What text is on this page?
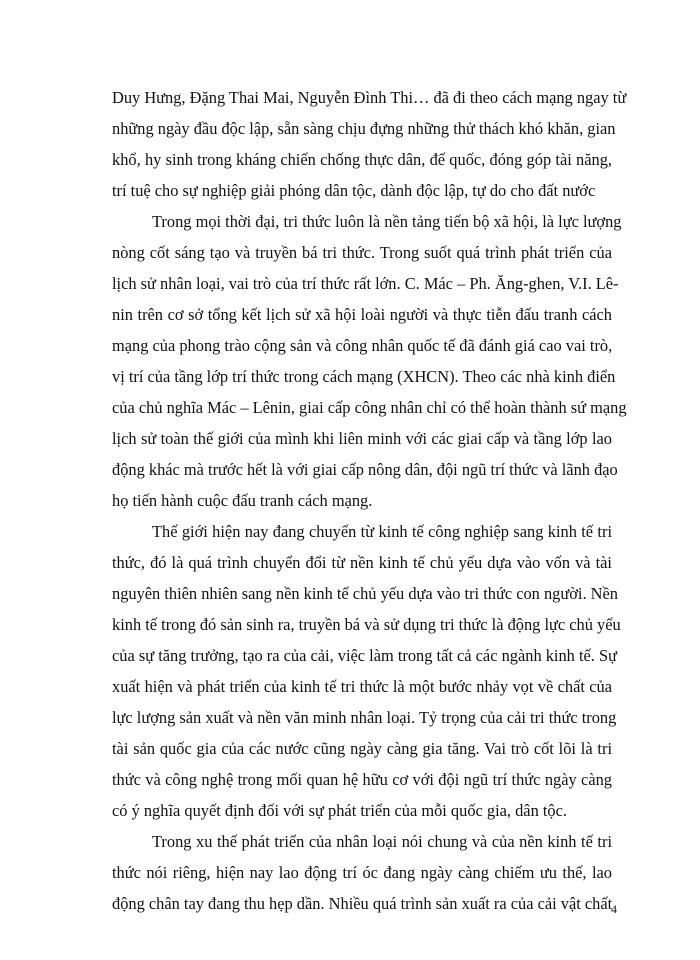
Duy Hưng, Đặng Thai Mai, Nguyễn Đình Thi… đã đi theo cách mạng ngay từ
những ngày đầu độc lập, sẵn sàng chịu đựng những thử thách khó khăn, gian
khổ, hy sinh trong kháng chiến chống thực dân, đế quốc, đóng góp tài năng,
trí tuệ cho sự nghiệp giải phóng dân tộc, dành độc lập, tự do cho đất nước
Trong mọi thời đại, tri thức luôn là nền tảng tiến bộ xã hội, là lực lượng
nòng cốt sáng tạo và truyền bá tri thức. Trong suốt quá trình phát triển của
lịch sử nhân loại, vai trò của trí thức rất lớn. C. Mác – Ph. Ăng-ghen, V.I. Lê-
nin trên cơ sở tổng kết lịch sử xã hội loài người và thực tiễn đấu tranh cách
mạng của phong trào cộng sản và công nhân quốc tế đã đánh giá cao vai trò,
vị trí của tầng lớp trí thức trong cách mạng (XHCN). Theo các nhà kinh điển
của chủ nghĩa Mác – Lênin, giai cấp công nhân chỉ có thể hoàn thành sứ mạng
lịch sử toàn thế giới của mình khi liên minh với các giai cấp và tầng lớp lao
động khác mà trước hết là với giai cấp nông dân, đội ngũ trí thức và lãnh đạo
họ tiến hành cuộc đấu tranh cách mạng.
Thế giới hiện nay đang chuyển từ kinh tế công nghiệp sang kinh tế tri
thức, đó là quá trình chuyển đổi từ nền kinh tế chủ yếu dựa vào vốn và tài
nguyên thiên nhiên sang nền kinh tế chủ yếu dựa vào tri thức con người. Nền
kinh tế trong đó sản sinh ra, truyền bá và sử dụng tri thức là động lực chủ yếu
của sự tăng trưởng, tạo ra của cải, việc làm trong tất cả các ngành kinh tế. Sự
xuất hiện và phát triển của kinh tế tri thức là một bước nhảy vọt về chất của
lực lượng sản xuất và nền văn minh nhân loại. Tỷ trọng của cải tri thức trong
tài sản quốc gia của các nước cũng ngày càng gia tăng. Vai trò cốt lõi là tri
thức và công nghệ trong mối quan hệ hữu cơ với đội ngũ trí thức ngày càng
có ý nghĩa quyết định đối với sự phát triển của mỗi quốc gia, dân tộc.
Trong xu thế phát triển của nhân loại nói chung và của nền kinh tế tri
thức nói riêng, hiện nay lao động trí óc đang ngày càng chiếm ưu thế, lao
động chân tay đang thu hẹp dần. Nhiều quá trình sản xuất ra của cải vật chất
4
